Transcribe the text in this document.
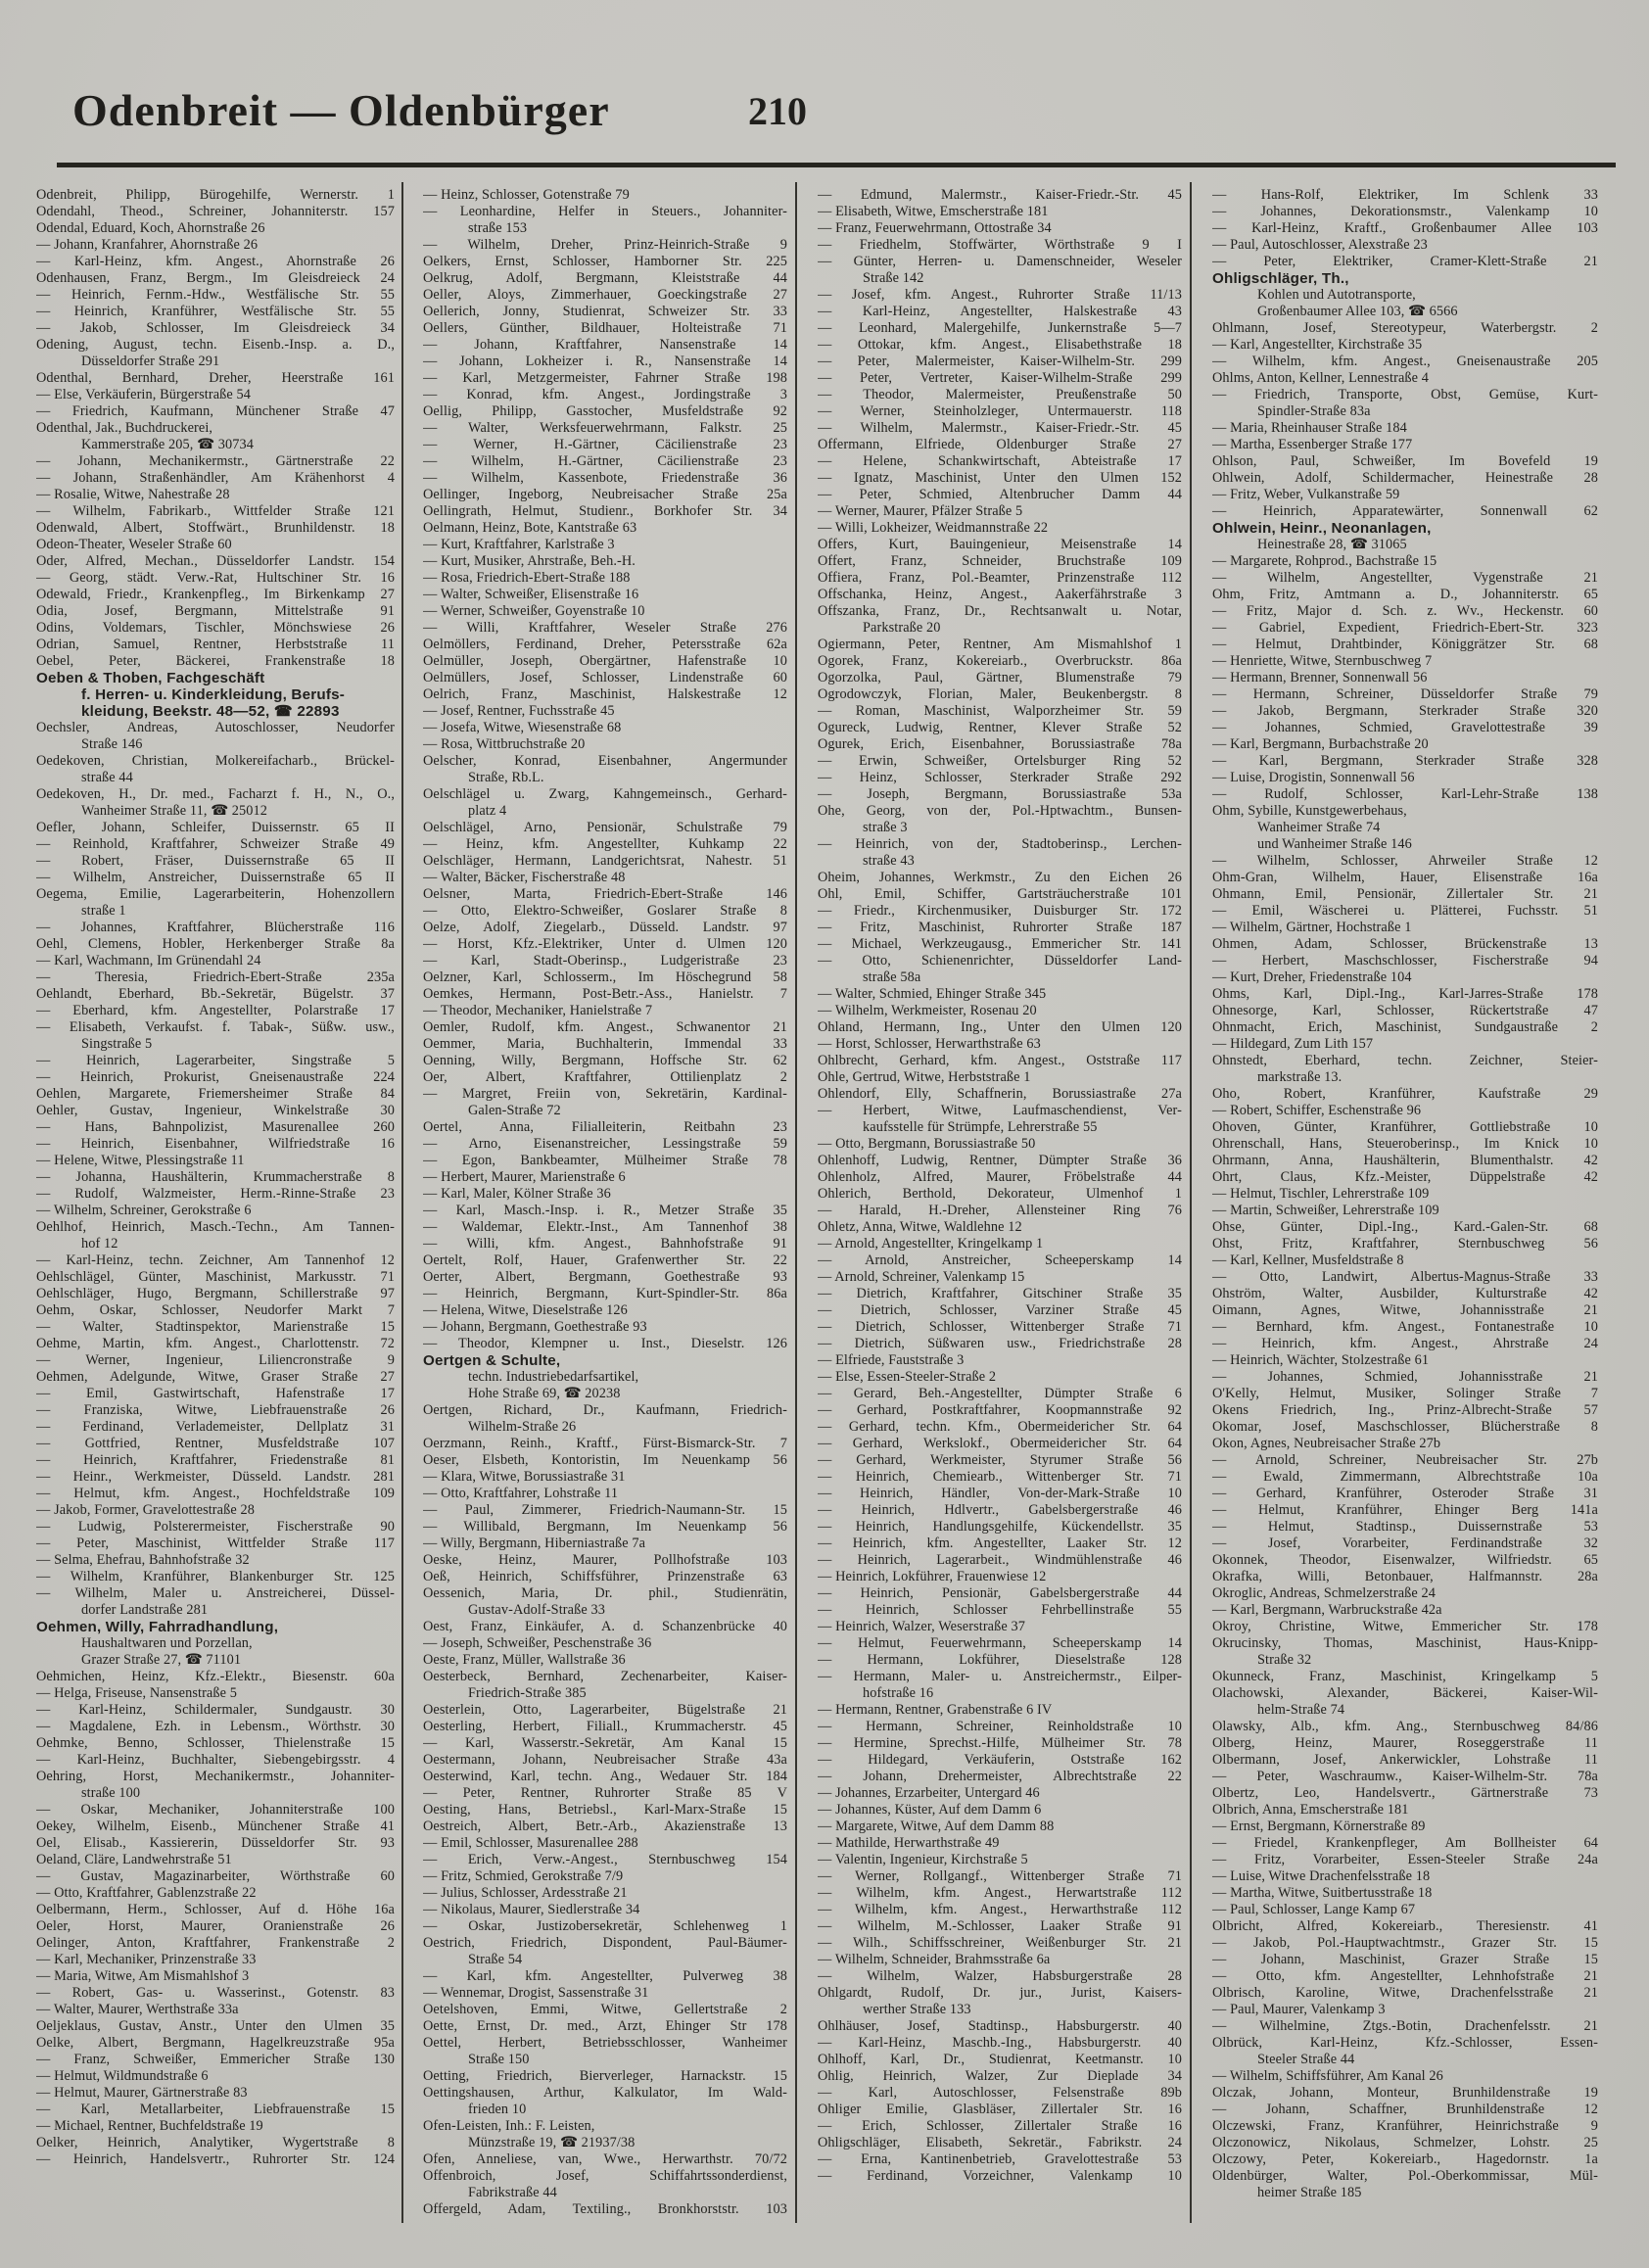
Odenbreit — Oldenbürger	210
Odenbreit, Philipp, Bürogehilfe, Wernerstr. 1
Odendahl, Theod., Schreiner, Johanniterstr. 157
Odendal, Eduard, Koch, Ahornstraße 26
— Johann, Kranfahrer, Ahornstraße 26
— Karl-Heinz, kfm. Angest., Ahornstraße 26
Odenhausen, Franz, Bergm., Im Gleisdreieck 24
— Heinrich, Fernm.-Hdw., Westfälische Str. 55
— Heinrich, Kranführer, Westfälische Str. 55
— Jakob, Schlosser, Im Gleisdreieck 34
Odening, August, techn. Eisenb.-Insp. a. D.,
Düsseldorfer Straße 291
Odenthal, Bernhard, Dreher, Heerstraße 161
— Else, Verkäuferin, Bürgerstraße 54
— Friedrich, Kaufmann, Münchener Straße 47
Odenthal, Jak., Buchdruckerei,
Kammerstraße 205, ☎ 30734
— Johann, Mechanikermstr., Gärtnerstraße 22
— Johann, Straßenhändler, Am Krähenhorst 4
— Rosalie, Witwe, Nahestraße 28
— Wilhelm, Fabrikarb., Wittfelder Straße 121
Odenwald, Albert, Stoffwärt., Brunhildenstr. 18
Odeon-Theater, Weseler Straße 60
Oder, Alfred, Mechan., Düsseldorfer Landstr. 154
— Georg, städt. Verw.-Rat, Hultschiner Str. 16
Odewald, Friedr., Krankenpfleg., Im Birkenkamp 27
Odia, Josef, Bergmann, Mittelstraße 91
Odins, Voldemars, Tischler, Mönchswiese 26
Odrian, Samuel, Rentner, Herbststraße 11
Oebel, Peter, Bäckerei, Frankenstraße 18
Oeben & Thoben, Fachgeschäft
f. Herren- u. Kinderkleidung, Berufs-
kleidung, Beekstr. 48—52, ☎ 22893
Oechsler, Andreas, Autoschlosser, Neudorfer
Straße 146
Oedekoven, Christian, Molkereifacharb., Brückel-
straße 44
Oedekoven, H., Dr. med., Facharzt f. H., N., O.,
Wanheimer Straße 11, ☎ 25012
Oefler, Johann, Schleifer, Duissernstr. 65 II
— Reinhold, Kraftfahrer, Schweizer Straße 49
— Robert, Fräser, Duissernstraße 65 II
— Wilhelm, Anstreicher, Duissernstraße 65 II
Oegema, Emilie, Lagerarbeiterin, Hohenzollern
straße 1
— Johannes, Kraftfahrer, Blücherstraße 116
Oehl, Clemens, Hobler, Herkenberger Straße 8a
— Karl, Wachmann, Im Grünendahl 24
— Theresia, Friedrich-Ebert-Straße 235a
Oehlandt, Eberhard, Bb.-Sekretär, Bügelstr. 37
— Eberhard, kfm. Angestellter, Polarstraße 17
— Elisabeth, Verkaufst. f. Tabak-, Süßw. usw.,
Singstraße 5
— Heinrich, Lagerarbeiter, Singstraße 5
— Heinrich, Prokurist, Gneisenaustraße 224
Oehlen, Margarete, Friemersheimer Straße 84
Oehler, Gustav, Ingenieur, Winkelstraße 30
— Hans, Bahnpolizist, Masurenallee 260
— Heinrich, Eisenbahner, Wilfriedstraße 16
— Helene, Witwe, Plessingstraße 11
— Johanna, Haushälterin, Krummacherstraße 8
— Rudolf, Walzmeister, Herm.-Rinne-Straße 23
— Wilhelm, Schreiner, Gerokstraße 6
Oehlhof, Heinrich, Masch.-Techn., Am Tannen-
hof 12
— Karl-Heinz, techn. Zeichner, Am Tannenhof 12
Oehlschlägel, Günter, Maschinist, Markusstr. 71
Oehlschläger, Hugo, Bergmann, Schillerstraße 97
Oehm, Oskar, Schlosser, Neudorfer Markt 7
— Walter, Stadtinspektor, Marienstraße 15
Oehme, Martin, kfm. Angest., Charlottenstr. 72
— Werner, Ingenieur, Liliencronstraße 9
Oehmen, Adelgunde, Witwe, Graser Straße 27
— Emil, Gastwirtschaft, Hafenstraße 17
— Franziska, Witwe, Liebfrauenstraße 26
— Ferdinand, Verlademeister, Dellplatz 31
— Gottfried, Rentner, Musfeldstraße 107
— Heinrich, Kraftfahrer, Friedenstraße 81
— Heinr., Werkmeister, Düsseld. Landstr. 281
— Helmut, kfm. Angest., Hochfeldstraße 109
— Jakob, Former, Gravelottestraße 28
— Ludwig, Polsterermeister, Fischerstraße 90
— Peter, Maschinist, Wittfelder Straße 117
— Selma, Ehefrau, Bahnhofstraße 32
— Wilhelm, Kranführer, Blankenburger Str. 125
— Wilhelm, Maler u. Anstreicherei, Düssel-
dorfer Landstraße 281
Oehmen, Willy, Fahrradhandlung,
Haushaltwaren und Porzellan,
Grazer Straße 27, ☎ 71101
Oehmichen, Heinz, Kfz.-Elektr., Biesenstr. 60a
— Helga, Friseuse, Nansenstraße 5
— Karl-Heinz, Schildermaler, Sundgaustr. 30
— Magdalene, Ezh. in Lebensm., Wörthstr. 30
Oehmke, Benno, Schlosser, Thielenstraße 15
— Karl-Heinz, Buchhalter, Siebengebirgsstr. 4
Oehring, Horst, Mechanikermstr., Johanniter-
straße 100
— Oskar, Mechaniker, Johanniterstraße 100
Oekey, Wilhelm, Eisenb., Münchener Straße 41
Oel, Elisab., Kassiererin, Düsseldorfer Str. 93
Oeland, Cläre, Landwehrstraße 51
— Gustav, Magazinarbeiter, Wörthstraße 60
— Otto, Kraftfahrer, Gablenzstraße 22
Oelbermann, Herm., Schlosser, Auf d. Höhe 16a
Oeler, Horst, Maurer, Oranienstraße 26
Oelinger, Anton, Kraftfahrer, Frankenstraße 2
— Karl, Mechaniker, Prinzenstraße 33
— Maria, Witwe, Am Mismahlshof 3
— Robert, Gas- u. Wasserinst., Gotenstr. 83
— Walter, Maurer, Werthstraße 33a
Oeljeklaus, Gustav, Anstr., Unter den Ulmen 35
Oelke, Albert, Bergmann, Hagelkreuzstraße 95a
— Franz, Schweißer, Emmericher Straße 130
— Helmut, Wildmundstraße 6
— Helmut, Maurer, Gärtnerstraße 83
— Karl, Metallarbeiter, Liebfrauenstraße 15
— Michael, Rentner, Buchfeldstraße 19
Oelker, Heinrich, Analytiker, Wygertstraße 8
— Heinrich, Handelsvertr., Ruhrorter Str. 124
— Heinz, Schlosser, Gotenstraße 79
— Leonhardine, Helfer in Steuers., Johanniter-
straße 153
— Wilhelm, Dreher, Prinz-Heinrich-Straße 9
Oelkers, Ernst, Schlosser, Hamborner Str. 225
Oelkrug, Adolf, Bergmann, Kleiststraße 44
Oeller, Aloys, Zimmerhauer, Goeckingstraße 27
Oellerich, Jonny, Studienrat, Schweizer Str. 33
Oellers, Günther, Bildhauer, Holteistraße 71
— Johann, Kraftfahrer, Nansenstraße 14
— Johann, Lokheizer i. R., Nansenstraße 14
— Karl, Metzgermeister, Fahrner Straße 198
— Konrad, kfm. Angest., Jordingstraße 3
Oellig, Philipp, Gasstocher, Musfeldstraße 92
— Walter, Werksfeuerwehrmann, Falkstr. 25
— Werner, H.-Gärtner, Cäcilienstraße 23
— Wilhelm, H.-Gärtner, Cäcilienstraße 23
— Wilhelm, Kassenbote, Friedenstraße 36
Oellinger, Ingeborg, Neubreisacher Straße 25a
Oellingrath, Helmut, Studienr., Borkhofer Str. 34
Oelmann, Heinz, Bote, Kantstraße 63
— Kurt, Kraftfahrer, Karlstraße 3
— Kurt, Musiker, Ahrstraße, Beh.-H.
— Rosa, Friedrich-Ebert-Straße 188
— Walter, Schweißer, Elisenstraße 16
— Werner, Schweißer, Goyenstraße 10
— Willi, Kraftfahrer, Weseler Straße 276
Oelmöllers, Ferdinand, Dreher, Petersstraße 62a
Oelmüller, Joseph, Obergärtner, Hafenstraße 10
Oelmüllers, Josef, Schlosser, Lindenstraße 60
Oelrich, Franz, Maschinist, Halskestraße 12
— Josef, Rentner, Fuchsstraße 45
— Josefa, Witwe, Wiesenstraße 68
— Rosa, Wittbruchstraße 20
Oelscher, Konrad, Eisenbahner, Angermunder
Straße, Rb.L.
Oelschlägel u. Zwarg, Kahngemeinsch., Gerhard-
platz 4
Oelschlägel, Arno, Pensionär, Schulstraße 79
— Heinz, kfm. Angestellter, Kuhkamp 22
Oelschläger, Hermann, Landgerichtsrat, Nahestr. 51
— Walter, Bäcker, Fischerstraße 48
Oelsner, Marta, Friedrich-Ebert-Straße 146
— Otto, Elektro-Schweißer, Goslarer Straße 8
Oelze, Adolf, Ziegelarb., Düsseld. Landstr. 97
— Horst, Kfz.-Elektriker, Unter d. Ulmen 120
— Karl, Stadt-Oberinsp., Ludgeristraße 23
Oelzner, Karl, Schlosserm., Im Höschegrund 58
Oemkes, Hermann, Post-Betr.-Ass., Hanielstr. 7
— Theodor, Mechaniker, Hanielstraße 7
Oemler, Rudolf, kfm. Angest., Schwanentor 21
Oemmer, Maria, Buchhalterin, Immendal 33
Oenning, Willy, Bergmann, Hoffsche Str. 62
Oer, Albert, Kraftfahrer, Ottilienplatz 2
— Margret, Freiin von, Sekretärin, Kardinal-
Galen-Straße 72
Oertel, Anna, Filialleiterin, Reitbahn 23
— Arno, Eisenanstreicher, Lessingstraße 59
— Egon, Bankbeamter, Mülheimer Straße 78
— Herbert, Maurer, Marienstraße 6
— Karl, Maler, Kölner Straße 36
— Karl, Masch.-Insp. i. R., Metzer Straße 35
— Waldemar, Elektr.-Inst., Am Tannenhof 38
— Willi, kfm. Angest., Bahnhofstraße 91
Oertelt, Rolf, Hauer, Grafenwerther Str. 22
Oerter, Albert, Bergmann, Goethestraße 93
— Heinrich, Bergmann, Kurt-Spindler-Str. 86a
— Helena, Witwe, Dieselstraße 126
— Johann, Bergmann, Goethestraße 93
— Theodor, Klempner u. Inst., Dieselstr. 126
Oertgen & Schulte,
techn. Industriebedarfsartikel,
Hohe Straße 69, ☎ 20238
Oertgen, Richard, Dr., Kaufmann, Friedrich-
Wilhelm-Straße 26
Oerzmann, Reinh., Kraftf., Fürst-Bismarck-Str. 7
Oeser, Elsbeth, Kontoristin, Im Neuenkamp 56
— Klara, Witwe, Borussiastraße 31
— Otto, Kraftfahrer, Lohstraße 11
— Paul, Zimmerer, Friedrich-Naumann-Str. 15
— Willibald, Bergmann, Im Neuenkamp 56
— Willy, Bergmann, Hiberniastraße 7a
Oeske, Heinz, Maurer, Pollhofstraße 103
Oeß, Heinrich, Schiffsführer, Prinzenstraße 63
Oessenich, Maria, Dr. phil., Studienrätin,
Gustav-Adolf-Straße 33
Oest, Franz, Einkäufer, A. d. Schanzenbrücke 40
— Joseph, Schweißer, Peschenstraße 36
Oeste, Franz, Müller, Wallstraße 36
Oesterbeck, Bernhard, Zechenarbeiter, Kaiser-
Friedrich-Straße 385
Oesterlein, Otto, Lagerarbeiter, Bügelstraße 21
Oesterling, Herbert, Filiall., Krummacherstr. 45
— Karl, Wasserstr.-Sekretär, Am Kanal 15
Oestermann, Johann, Neubreisacher Straße 43a
Oesterwind, Karl, techn. Ang., Wedauer Str. 184
— Peter, Rentner, Ruhrorter Straße 85 V
Oesting, Hans, Betriebsl., Karl-Marx-Straße 15
Oestreich, Albert, Betr.-Arb., Akazienstraße 13
— Emil, Schlosser, Masurenallee 288
— Erich, Verw.-Angest., Sternbuschweg 154
— Fritz, Schmied, Gerokstraße 7/9
— Julius, Schlosser, Ardesstraße 21
— Nikolaus, Maurer, Siedlerstraße 34
— Oskar, Justizobersekretär, Schlehenweg 1
Oestrich, Friedrich, Dispondent, Paul-Bäumer-
Straße 54
— Karl, kfm. Angestellter, Pulverweg 38
— Wennemar, Drogist, Sassenstraße 31
Oetelshoven, Emmi, Witwe, Gellertstraße 2
Oette, Ernst, Dr. med., Arzt, Ehinger Str 178
Oettel, Herbert, Betriebsschlosser, Wanheimer
Straße 150
Oetting, Friedrich, Bierverleger, Harnackstr. 15
Oettingshausen, Arthur, Kalkulator, Im Wald-
frieden 10
Ofen-Leisten, Inh.: F. Leisten,
Münzstraße 19, ☎ 21937/38
Ofen, Anneliese, van, Wwe., Herwarthstr. 70/72
Offenbroich, Josef, Schiffahrtssonderdienst,
Fabrikstraße 44
Offergeld, Adam, Textiling., Bronkhorststr. 103
— Edmund, Malermstr., Kaiser-Friedr.-Str. 45
— Elisabeth, Witwe, Emscherstraße 181
— Franz, Feuerwehrmann, Ottostraße 34
— Friedhelm, Stoffwärter, Wörthstraße 9 I
— Günter, Herren- u. Damenschneider, Weseler
Straße 142
— Josef, kfm. Angest., Ruhrorter Straße 11/13
— Karl-Heinz, Angestellter, Halskestraße 43
— Leonhard, Malergehilfe, Junkernstraße 5—7
— Ottokar, kfm. Angest., Elisabethstraße 18
— Peter, Malermeister, Kaiser-Wilhelm-Str. 299
— Peter, Vertreter, Kaiser-Wilhelm-Straße 299
— Theodor, Malermeister, Preußenstraße 50
— Werner, Steinholzleger, Untermauerstr. 118
— Wilhelm, Malermstr., Kaiser-Friedr.-Str. 45
Offermann, Elfriede, Oldenburger Straße 27
— Helene, Schankwirtschaft, Abteistraße 17
— Ignatz, Maschinist, Unter den Ulmen 152
— Peter, Schmied, Altenbrucher Damm 44
— Werner, Maurer, Pfälzer Straße 5
— Willi, Lokheizer, Weidmannstraße 22
Offers, Kurt, Bauingenieur, Meisenstraße 14
Offert, Franz, Schneider, Bruchstraße 109
Offiera, Franz, Pol.-Beamter, Prinzenstraße 112
Offschanka, Heinz, Angest., Aakerfährstraße 3
Offszanka, Franz, Dr., Rechtsanwalt u. Notar,
Parkstraße 20
Ogiermann, Peter, Rentner, Am Mismahlshof 1
Ogorek, Franz, Kokereiarb., Overbruckstr. 86a
Ogorzolka, Paul, Gärtner, Blumenstraße 79
Ogrodowczyk, Florian, Maler, Beukenbergstr. 8
— Roman, Maschinist, Walporzheimer Str. 59
Ogureck, Ludwig, Rentner, Klever Straße 52
Ogurek, Erich, Eisenbahner, Borussiastraße 78a
— Erwin, Schweißer, Ortelsburger Ring 52
— Heinz, Schlosser, Sterkrader Straße 292
— Joseph, Bergmann, Borussiastraße 53a
Ohe, Georg, von der, Pol.-Hptwachtm., Bunsen-
straße 3
— Heinrich, von der, Stadtoberinsp., Lerchen-
straße 43
Oheim, Johannes, Werkmstr., Zu den Eichen 26
Ohl, Emil, Schiffer, Gartsträucherstraße 101
— Friedr., Kirchenmusiker, Duisburger Str. 172
— Fritz, Maschinist, Ruhrorter Straße 187
— Michael, Werkzeugausg., Emmericher Str. 141
— Otto, Schienenrichter, Düsseldorfer Land-
straße 58a
— Walter, Schmied, Ehinger Straße 345
— Wilhelm, Werkmeister, Rosenau 20
Ohland, Hermann, Ing., Unter den Ulmen 120
— Horst, Schlosser, Herwarthstraße 63
Ohlbrecht, Gerhard, kfm. Angest., Oststraße 117
Ohle, Gertrud, Witwe, Herbststraße 1
Ohlendorf, Elly, Schaffnerin, Borussiastraße 27a
— Herbert, Witwe, Laufmaschendienst, Ver-
kaufsstelle für Strümpfe, Lehrerstraße 55
— Otto, Bergmann, Borussiastraße 50
Ohlenhoff, Ludwig, Rentner, Dümpter Straße 36
Ohlenholz, Alfred, Maurer, Fröbelstraße 44
Ohlerich, Berthold, Dekorateur, Ulmenhof 1
— Harald, H.-Dreher, Allensteiner Ring 76
Ohletz, Anna, Witwe, Waldlehne 12
— Arnold, Angestellter, Kringelkamp 1
— Arnold, Anstreicher, Scheeperskamp 14
— Arnold, Schreiner, Valenkamp 15
— Dietrich, Kraftfahrer, Gitschiner Straße 35
— Dietrich, Schlosser, Varziner Straße 45
— Dietrich, Schlosser, Wittenberger Straße 71
— Dietrich, Süßwaren usw., Friedrichstraße 28
— Elfriede, Fauststraße 3
— Else, Essen-Steeler-Straße 2
— Gerard, Beh.-Angestellter, Dümpter Straße 6
— Gerhard, Postkraftfahrer, Koopmannstraße 92
— Gerhard, techn. Kfm., Obermeidericher Str. 64
— Gerhard, Werkslokf., Obermeidericher Str. 64
— Gerhard, Werkmeister, Styrumer Straße 56
— Heinrich, Chemiearb., Wittenberger Str. 71
— Heinrich, Händler, Von-der-Mark-Straße 10
— Heinrich, Hdlvertr., Gabelsbergerstraße 46
— Heinrich, Handlungsgehilfe, Kückendellstr. 35
— Heinrich, kfm. Angestellter, Laaker Str. 12
— Heinrich, Lagerarbeit., Windmühlenstraße 46
— Heinrich, Lokführer, Frauenwiese 12
— Heinrich, Pensionär, Gabelsbergerstraße 44
— Heinrich, Schlosser Fehrbellinstraße 55
— Heinrich, Walzer, Weserstraße 37
— Helmut, Feuerwehrmann, Scheeperskamp 14
— Hermann, Lokführer, Dieselstraße 128
— Hermann, Maler- u. Anstreichermstr., Eilper-
hofstraße 16
— Hermann, Rentner, Grabenstraße 6 IV
— Hermann, Schreiner, Reinholdstraße 10
— Hermine, Sprechst.-Hilfe, Mülheimer Str. 78
— Hildegard, Verkäuferin, Oststraße 162
— Johann, Drehermeister, Albrechtstraße 22
— Johannes, Erzarbeiter, Untergard 46
— Johannes, Küster, Auf dem Damm 6
— Margarete, Witwe, Auf dem Damm 88
— Mathilde, Herwarthstraße 49
— Valentin, Ingenieur, Kirchstraße 5
— Werner, Rollgangf., Wittenberger Straße 71
— Wilhelm, kfm. Angest., Herwartstraße 112
— Wilhelm, kfm. Angest., Herwarthstraße 112
— Wilhelm, M.-Schlosser, Laaker Straße 91
— Wilh., Schiffsschreiner, Weißenburger Str. 21
— Wilhelm, Schneider, Brahmsstraße 6a
— Wilhelm, Walzer, Habsburgerstraße 28
Ohlgardt, Rudolf, Dr. jur., Jurist, Kaisers-
werther Straße 133
Ohlhäuser, Josef, Stadtinsp., Habsburgerstr. 40
— Karl-Heinz, Maschb.-Ing., Habsburgerstr. 40
Ohlhoff, Karl, Dr., Studienrat, Keetmanstr. 10
Ohlig, Heinrich, Walzer, Zur Dieplade 34
— Karl, Autoschlosser, Felsenstraße 89b
Ohliger Emilie, Glasbläser, Zillertaler Str. 16
— Erich, Schlosser, Zillertaler Straße 16
Ohligschläger, Elisabeth, Sekretär., Fabrikstr. 24
— Erna, Kantinenbetrieb, Gravelottestraße 53
— Ferdinand, Vorzeichner, Valenkamp 10
— Hans-Rolf, Elektriker, Im Schlenk 33
— Johannes, Dekorationsmstr., Valenkamp 10
— Karl-Heinz, Kraftf., Großenbaumer Allee 103
— Paul, Autoschlosser, Alexstraße 23
— Peter, Elektriker, Cramer-Klett-Straße 21
Ohligschläger, Th.,
Kohlen und Autotransporte,
Großenbaumer Allee 103, ☎ 6566
Ohlmann, Josef, Stereotypeur, Waterbergstr. 2
— Karl, Angestellter, Kirchstraße 35
— Wilhelm, kfm. Angest., Gneisenaustraße 205
Ohlms, Anton, Kellner, Lennestraße 4
— Friedrich, Transporte, Obst, Gemüse, Kurt-
Spindler-Straße 83a
— Maria, Rheinhauser Straße 184
— Martha, Essenberger Straße 177
Ohlson, Paul, Schweißer, Im Bovefeld 19
Ohlwein, Adolf, Schildermacher, Heinestraße 28
— Fritz, Weber, Vulkanstraße 59
— Heinrich, Apparatewärter, Sonnenwall 62
Ohlwein, Heinr., Neonanlagen,
Heinestraße 28, ☎ 31065
— Margarete, Rohprod., Bachstraße 15
— Wilhelm, Angestellter, Vygenstraße 21
Ohm, Fritz, Amtmann a. D., Johanniterstr. 65
— Fritz, Major d. Sch. z. Wv., Heckenstr. 60
— Gabriel, Expedient, Friedrich-Ebert-Str. 323
— Helmut, Drahtbinder, Königgrätzer Str. 68
— Henriette, Witwe, Sternbuschweg 7
— Hermann, Brenner, Sonnenwall 56
— Hermann, Schreiner, Düsseldorfer Straße 79
— Jakob, Bergmann, Sterkrader Straße 320
— Johannes, Schmied, Gravelottestraße 39
— Karl, Bergmann, Burbachstraße 20
— Karl, Bergmann, Sterkrader Straße 328
— Luise, Drogistin, Sonnenwall 56
— Rudolf, Schlosser, Karl-Lehr-Straße 138
Ohm, Sybille, Kunstgewerbehaus,
Wanheimer Straße 74
und Wanheimer Straße 146
— Wilhelm, Schlosser, Ahrweiler Straße 12
Ohm-Gran, Wilhelm, Hauer, Elisenstraße 16a
Ohmann, Emil, Pensionär, Zillertaler Str. 21
— Emil, Wäscherei u. Plätterei, Fuchsstr. 51
— Wilhelm, Gärtner, Hochstraße 1
Ohmen, Adam, Schlosser, Brückenstraße 13
— Herbert, Maschschlosser, Fischerstraße 94
— Kurt, Dreher, Friedenstraße 104
Ohms, Karl, Dipl.-Ing., Karl-Jarres-Straße 178
Ohnesorge, Karl, Schlosser, Rückertstraße 47
Ohnmacht, Erich, Maschinist, Sundgaustraße 2
— Hildegard, Zum Lith 157
Ohnstedt, Eberhard, techn. Zeichner, Steier-
markstraße 13.
Oho, Robert, Kranführer, Kaufstraße 29
— Robert, Schiffer, Eschenstraße 96
Ohoven, Günter, Kranführer, Gottliebstraße 10
Ohrenschall, Hans, Steueroberinsp., Im Knick 10
Ohrmann, Anna, Haushälterin, Blumenthalstr. 42
Ohrt, Claus, Kfz.-Meister, Düppelstraße 42
— Helmut, Tischler, Lehrerstraße 109
— Martin, Schweißer, Lehrerstraße 109
Ohse, Günter, Dipl.-Ing., Kard.-Galen-Str. 68
Ohst, Fritz, Kraftfahrer, Sternbuschweg 56
— Karl, Kellner, Musfeldstraße 8
— Otto, Landwirt, Albertus-Magnus-Straße 33
Ohström, Walter, Ausbilder, Kulturstraße 42
Oimann, Agnes, Witwe, Johannisstraße 21
— Bernhard, kfm. Angest., Fontanestraße 10
— Heinrich, kfm. Angest., Ahrstraße 24
— Heinrich, Wächter, Stolzestraße 61
— Johannes, Schmied, Johannisstraße 21
O'Kelly, Helmut, Musiker, Solinger Straße 7
Okens Friedrich, Ing., Prinz-Albrecht-Straße 57
Okomar, Josef, Maschschlosser, Blücherstraße 8
Okon, Agnes, Neubreisacher Straße 27b
— Arnold, Schreiner, Neubreisacher Str. 27b
— Ewald, Zimmermann, Albrechtstraße 10a
— Gerhard, Kranführer, Osteroder Straße 31
— Helmut, Kranführer, Ehinger Berg 141a
— Helmut, Stadtinsp., Duissernstraße 53
— Josef, Vorarbeiter, Ferdinandstraße 32
Okonnek, Theodor, Eisenwalzer, Wilfriedstr. 65
Okrafka, Willi, Betonbauer, Halfmannstr. 28a
Okroglic, Andreas, Schmelzerstraße 24
— Karl, Bergmann, Warbruckstraße 42a
Okroy, Christine, Witwe, Emmericher Str. 178
Okrucinsky, Thomas, Maschinist, Haus-Knipp-
Straße 32
Okunneck, Franz, Maschinist, Kringelkamp 5
Olachowski, Alexander, Bäckerei, Kaiser-Wil-
helm-Straße 74
Olawsky, Alb., kfm. Ang., Sternbuschweg 84/86
Olberg, Heinz, Maurer, Roseggerstraße 11
Olbermann, Josef, Ankerwickler, Lohstraße 11
— Peter, Waschraumw., Kaiser-Wilhelm-Str. 78a
Olbertz, Leo, Handelsvertr., Gärtnerstraße 73
Olbrich, Anna, Emscherstraße 181
— Ernst, Bergmann, Körnerstraße 89
— Friedel, Krankenpfleger, Am Bollheister 64
— Fritz, Vorarbeiter, Essen-Steeler Straße 24a
— Luise, Witwe Drachenfelsstraße 18
— Martha, Witwe, Suitbertusstraße 18
— Paul, Schlosser, Lange Kamp 67
Olbricht, Alfred, Kokereiarb., Theresienstr. 41
— Jakob, Pol.-Hauptwachtmstr., Grazer Str. 15
— Johann, Maschinist, Grazer Straße 15
— Otto, kfm. Angestellter, Lehnhofstraße 21
Olbrisch, Karoline, Witwe, Drachenfelsstraße 21
— Paul, Maurer, Valenkamp 3
— Wilhelmine, Ztgs.-Botin, Drachenfelsstr. 21
Olbrück, Karl-Heinz, Kfz.-Schlosser, Essen-
Steeler Straße 44
— Wilhelm, Schiffsführer, Am Kanal 26
Olczak, Johann, Monteur, Brunhildenstraße 19
— Johann, Schaffner, Brunhildenstraße 12
Olczewski, Franz, Kranführer, Heinrichstraße 9
Olczonowicz, Nikolaus, Schmelzer, Lohstr. 25
Olczowy, Peter, Kokereiarb., Hagedornstr. 1a
Oldenbürger, Walter, Pol.-Oberkommissar, Mül-
heimer Straße 185
